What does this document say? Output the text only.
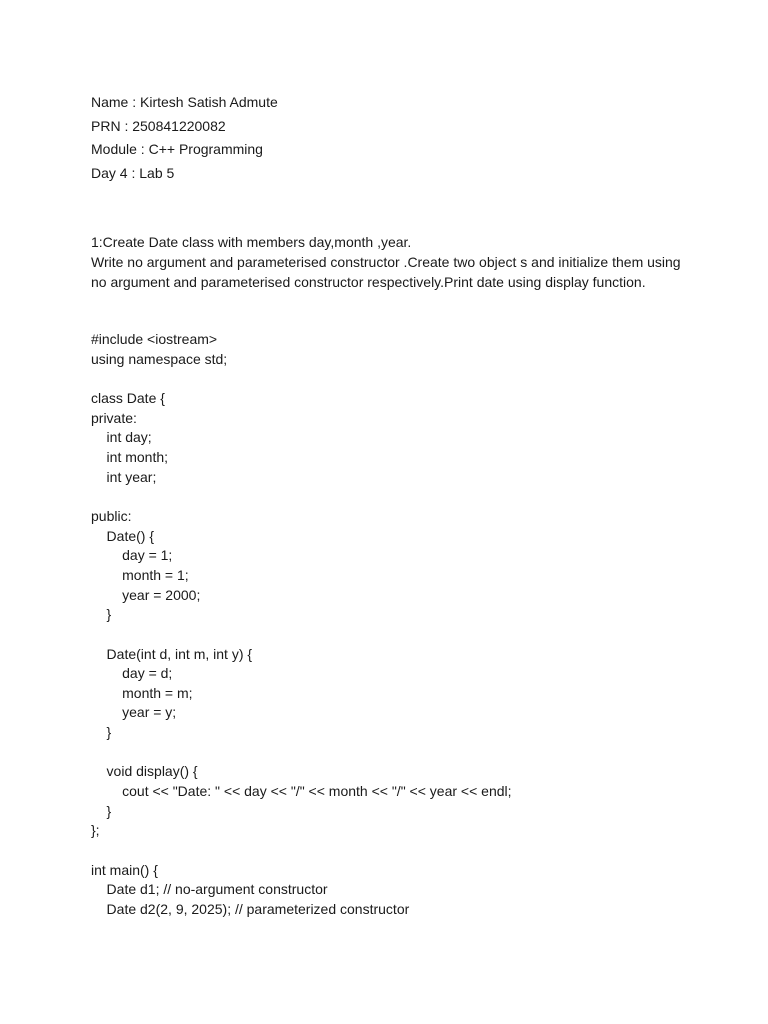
Name : Kirtesh Satish Admute
PRN : 250841220082
Module : C++ Programming
Day 4 : Lab 5
1:Create Date class with members day,month ,year.
Write no argument and parameterised constructor .Create two object s and initialize them using
no argument and parameterised constructor respectively.Print date using display function.
#include <iostream>
using namespace std;
class Date {
private:
int day;
int month;
int year;
public:
Date() {
day = 1;
month = 1;
year = 2000;
}
Date(int d, int m, int y) {
day = d;
month = m;
year = y;
}
void display() {
cout << "Date: " << day << "/" << month << "/" << year << endl;
}
};
int main() {
Date d1; // no-argument constructor
Date d2(2, 9, 2025); // parameterized constructor
